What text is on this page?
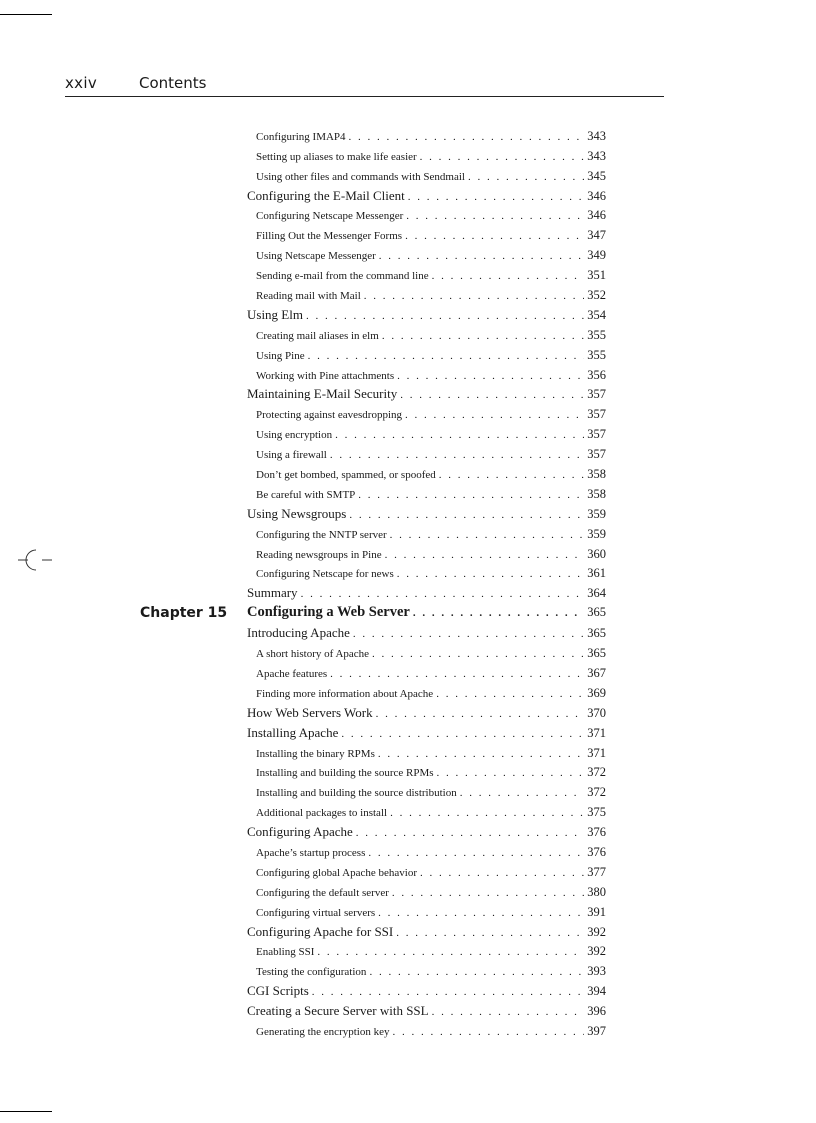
xxiv	Contents
Configuring IMAP4 . . .	343
Setting up aliases to make life easier . . .	343
Using other files and commands with Sendmail . . .	345
Configuring the E-Mail Client . . .	346
Configuring Netscape Messenger . . .	346
Filling Out the Messenger Forms . . .	347
Using Netscape Messenger . . .	349
Sending e-mail from the command line . . .	351
Reading mail with Mail . . .	352
Using Elm . . .	354
Creating mail aliases in elm . . .	355
Using Pine . . .	355
Working with Pine attachments . . .	356
Maintaining E-Mail Security . . .	357
Protecting against eavesdropping . . .	357
Using encryption . . .	357
Using a firewall . . .	357
Don’t get bombed, spammed, or spoofed . . .	358
Be careful with SMTP . . .	358
Using Newsgroups . . .	359
Configuring the NNTP server . . .	359
Reading newsgroups in Pine . . .	360
Configuring Netscape for news . . .	361
Summary . . .	364
Chapter 15 Configuring a Web Server . . .	365
Introducing Apache . . .	365
A short history of Apache . . .	365
Apache features . . .	367
Finding more information about Apache . . .	369
How Web Servers Work . . .	370
Installing Apache . . .	371
Installing the binary RPMs . . .	371
Installing and building the source RPMs . . .	372
Installing and building the source distribution . . .	372
Additional packages to install . . .	375
Configuring Apache . . .	376
Apache’s startup process . . .	376
Configuring global Apache behavior . . .	377
Configuring the default server . . .	380
Configuring virtual servers . . .	391
Configuring Apache for SSI . . .	392
Enabling SSI . . .	392
Testing the configuration . . .	393
CGI Scripts . . .	394
Creating a Secure Server with SSL . . .	396
Generating the encryption key . . .	397
